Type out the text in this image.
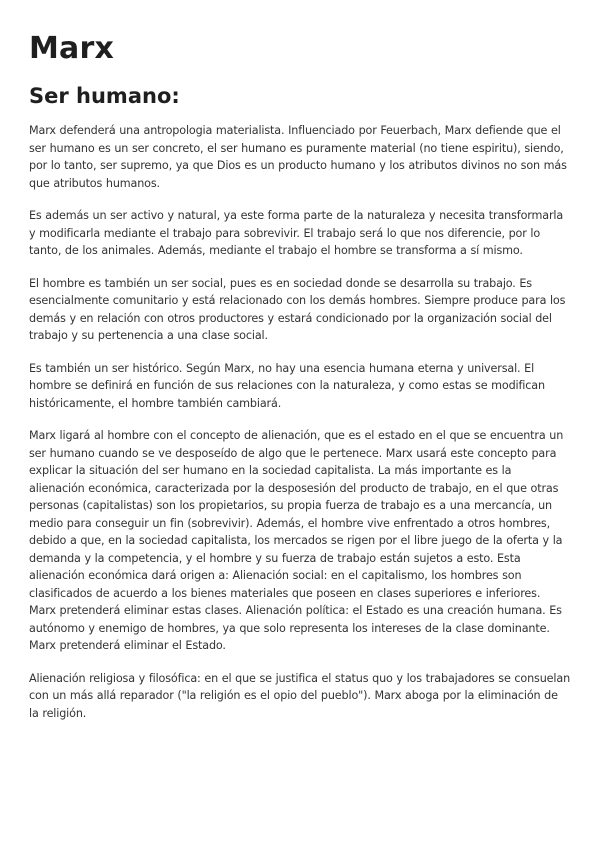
Marx
Ser humano:

Marx defenderá una antropologia materialista. Influenciado por Feuerbach, Marx defiende que el ser humano es un ser concreto, el ser humano es puramente material (no tiene espiritu), siendo, por lo tanto, ser supremo, ya que Dios es un producto humano y los atributos divinos no son más que atributos humanos.

Es además un ser activo y natural, ya este forma parte de la naturaleza y necesita transformarla y modificarla mediante el trabajo para sobrevivir. El trabajo será lo que nos diferencie, por lo tanto, de los animales. Además, mediante el trabajo el hombre se transforma a sí mismo.

El hombre es también un ser social, pues es en sociedad donde se desarrolla su trabajo. Es esencialmente comunitario y está relacionado con los demás hombres. Siempre produce para los demás y en relación con otros productores y estará condicionado por la organización social del trabajo y su pertenencia a una clase social.

Es también un ser histórico. Según Marx, no hay una esencia humana eterna y universal. El hombre se definirá en función de sus relaciones con la naturaleza, y como estas se modifican históricamente, el hombre también cambiará.

Marx ligará al hombre con el concepto de alienación, que es el estado en el que se encuentra un ser humano cuando se ve desposeído de algo que le pertenece. Marx usará este concepto para explicar la situación del ser humano en la sociedad capitalista. La más importante es la alienación económica, caracterizada por la desposesión del producto de trabajo, en el que otras personas (capitalistas) son los propietarios, su propia fuerza de trabajo es a una mercancía, un medio para conseguir un fin (sobrevivir). Además, el hombre vive enfrentado a otros hombres, debido a que, en la sociedad capitalista, los mercados se rigen por el libre juego de la oferta y la demanda y la competencia, y el hombre y su fuerza de trabajo están sujetos a esto. Esta alienación económica dará origen a: Alienación social: en el capitalismo, los hombres son clasificados de acuerdo a los bienes materiales que poseen en clases superiores e inferiores. Marx pretenderá eliminar estas clases. Alienación política: el Estado es una creación humana. Es autónomo y enemigo de hombres, ya que solo representa los intereses de la clase dominante. Marx pretenderá eliminar el Estado.

Alienación religiosa y filosófica: en el que se justifica el status quo y los trabajadores se consuelan con un más allá reparador ("la religión es el opio del pueblo"). Marx aboga por la eliminación de la religión.
